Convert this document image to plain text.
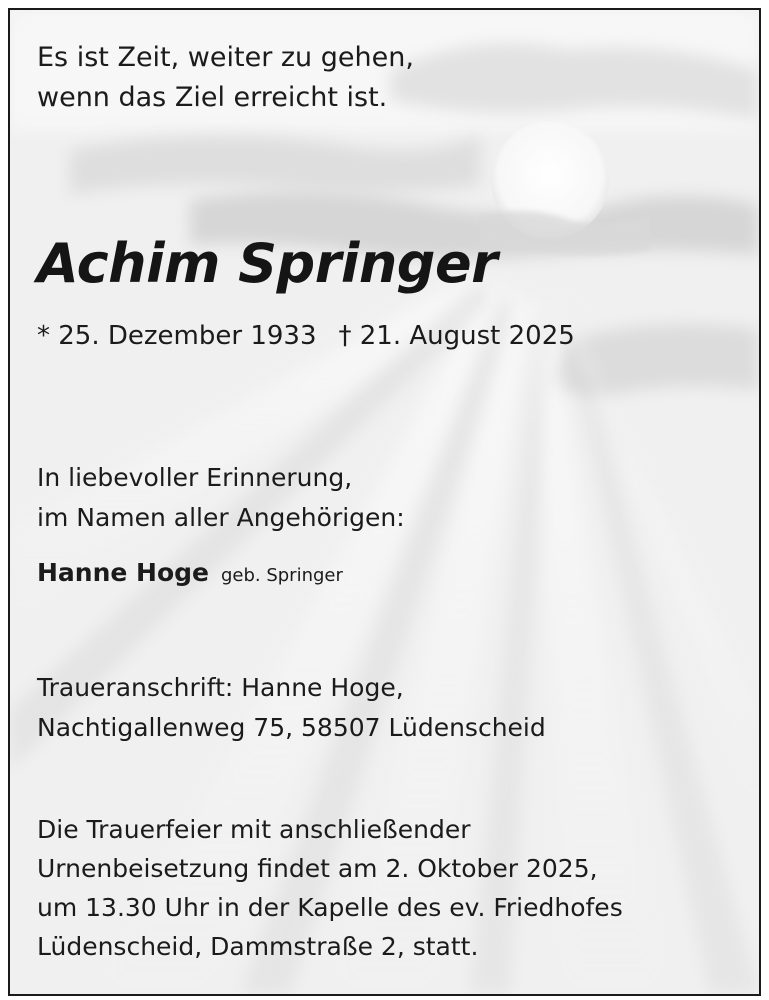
Es ist Zeit, weiter zu gehen,
wenn das Ziel erreicht ist.

Achim Springer

* 25. Dezember 1933 † 21. August 2025

In liebevoller Erinnerung,
im Namen aller Angehörigen:

Hanne Hoge geb. Springer

Traueranschrift: Hanne Hoge,
Nachtigallenweg 75, 58507 Lüdenscheid

Die Trauerfeier mit anschließender
Urnenbeisetzung findet am 2. Oktober 2025,
um 13.30 Uhr in der Kapelle des ev. Friedhofes
Lüdenscheid, Dammstraße 2, statt.
